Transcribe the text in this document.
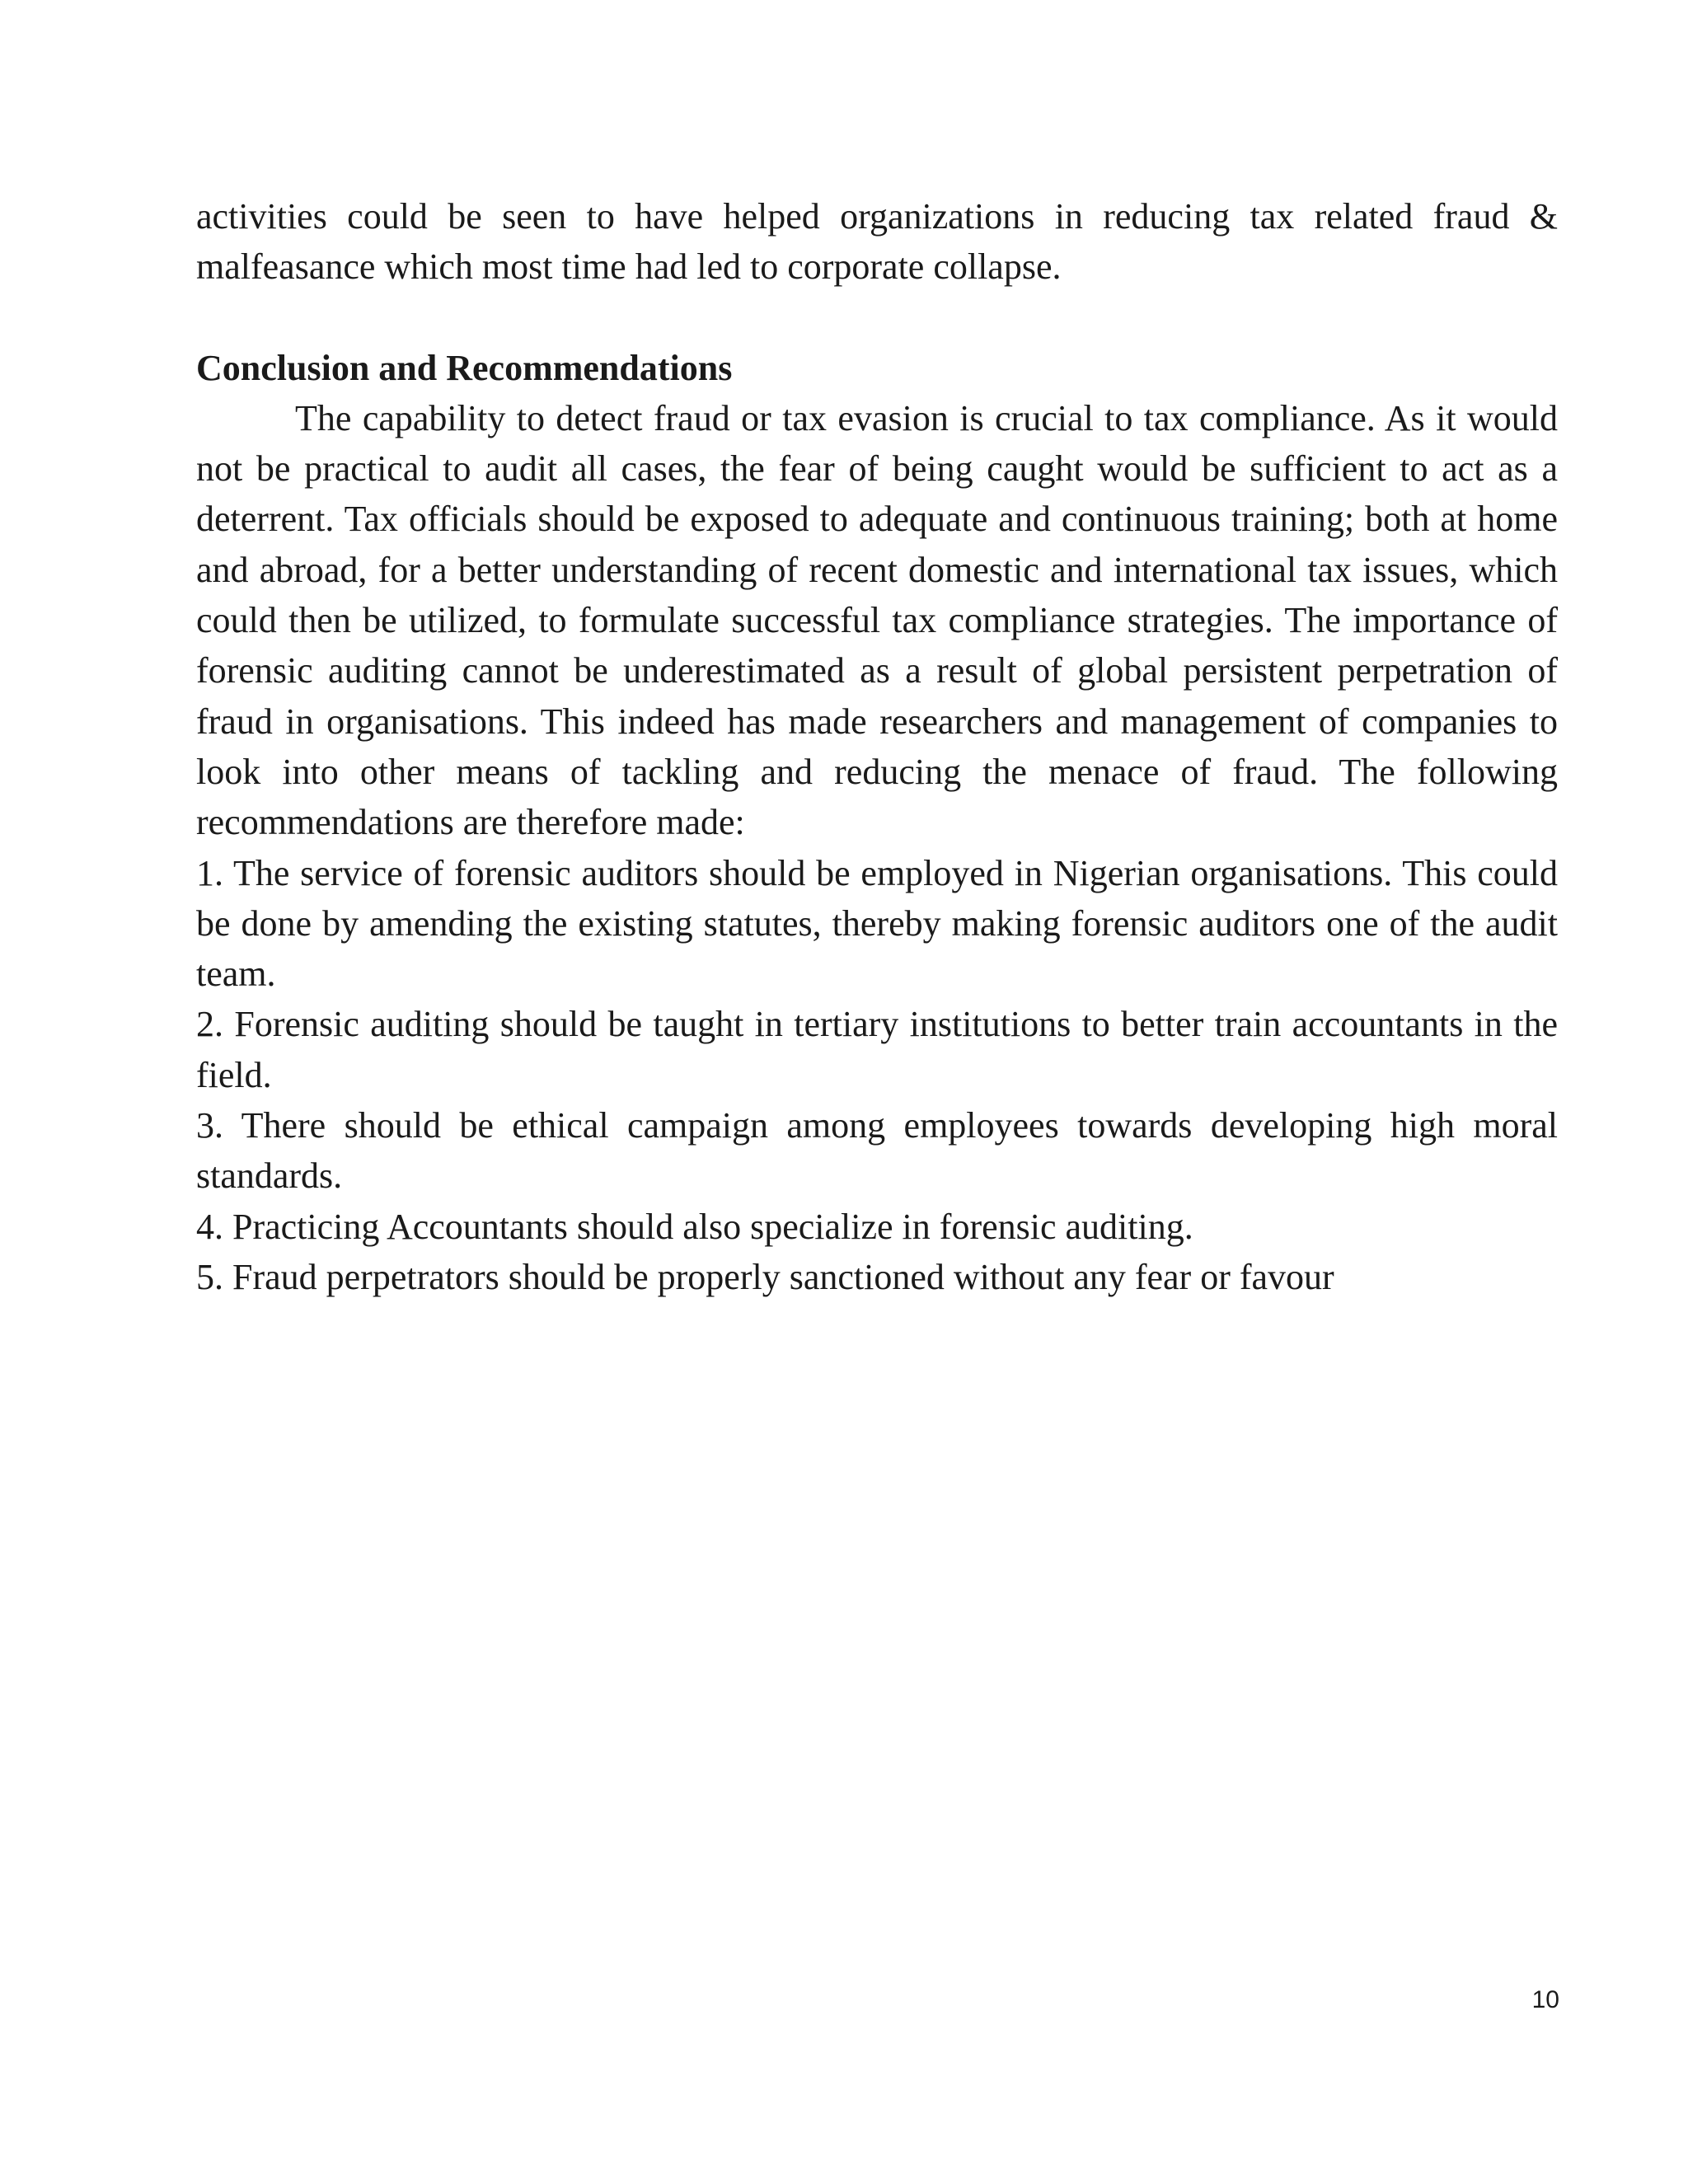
activities could be seen to have helped organizations in reducing tax related fraud & malfeasance which most time had led to corporate collapse.

Conclusion and Recommendations

The capability to detect fraud or tax evasion is crucial to tax compliance. As it would not be practical to audit all cases, the fear of being caught would be sufficient to act as a deterrent. Tax officials should be exposed to adequate and continuous training; both at home and abroad, for a better understanding of recent domestic and international tax issues, which could then be utilized, to formulate successful tax compliance strategies. The importance of forensic auditing cannot be underestimated as a result of global persistent perpetration of fraud in organisations. This indeed has made researchers and management of companies to look into other means of tackling and reducing the menace of fraud. The following recommendations are therefore made:

1. The service of forensic auditors should be employed in Nigerian organisations. This could be done by amending the existing statutes, thereby making forensic auditors one of the audit team.

2. Forensic auditing should be taught in tertiary institutions to better train accountants in the field.

3. There should be ethical campaign among employees towards developing high moral standards.

4. Practicing Accountants should also specialize in forensic auditing.

5. Fraud perpetrators should be properly sanctioned without any fear or favour

10
